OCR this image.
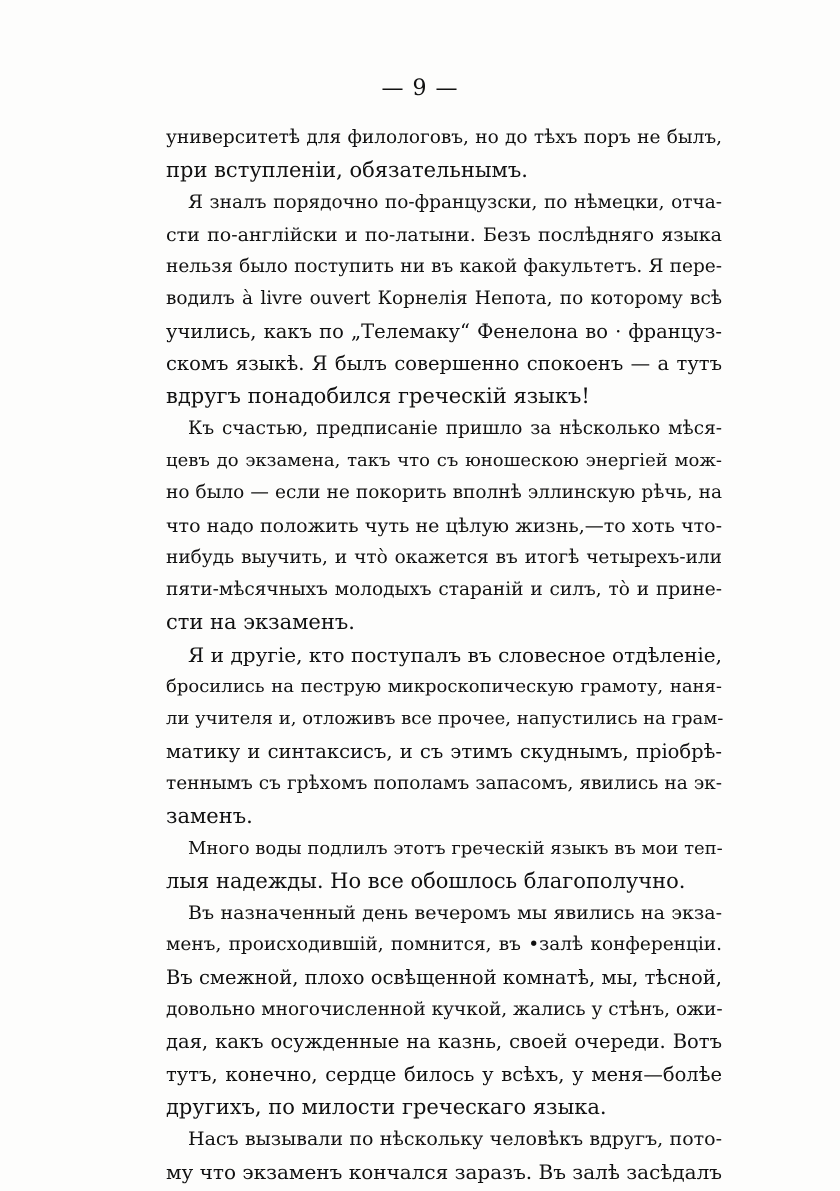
— 9 —
университетѣ для филологовъ, но до тѣхъ поръ не былъ,
при вступленіи, обязательнымъ.
Я зналъ порядочно по-французски, по нѣмецки, отча-
сти по-англійски и по-латыни. Безъ послѣдняго языка
нельзя было поступить ни въ какой факультетъ. Я пере-
водилъ à livre ouvert Корнелія Непота, по которому всѣ
учились, какъ по „Телемаку“ Фенелона во · француз-
скомъ языкѣ. Я былъ совершенно спокоенъ — а тутъ
вдругъ понадобился греческій языкъ!
Къ счастью, предписаніе пришло за нѣсколько мѣся-
цевъ до экзамена, такъ что съ юношескою энергіей мож-
но было — если не покорить вполнѣ эллинскую рѣчь, на
что надо положить чуть не цѣлую жизнь,—то хоть что-
нибудь выучить, и что̀ окажется въ итогѣ четырехъ-или
пяти-мѣсячныхъ молодыхъ стараній и силъ, то̀ и прине-
сти на экзаменъ.
Я и другіе, кто поступалъ въ словесное отдѣленіе,
бросились на пеструю микроскопическую грамоту, наня-
ли учителя и, отложивъ все прочее, напустились на грам-
матику и синтаксисъ, и съ этимъ скуднымъ, пріобрѣ-
теннымъ съ грѣхомъ пополамъ запасомъ, явились на эк-
заменъ.
Много воды подлилъ этотъ греческій языкъ въ мои теп-
лыя надежды. Но все обошлось благополучно.
Въ назначенный день вечеромъ мы явились на экза-
менъ, происходившій, помнится, въ •залѣ конференціи.
Въ смежной, плохо освѣщенной комнатѣ, мы, тѣсной,
довольно многочисленной кучкой, жались у стѣнъ, ожи-
дая, какъ осужденные на казнь, своей очереди. Вотъ
тутъ, конечно, сердце билось у всѣхъ, у меня—болѣе
другихъ, по милости греческаго языка.
Насъ вызывали по нѣскольку человѣкъ вдругъ, пото-
му что экзаменъ кончался заразъ. Въ залѣ засѣдалъ
